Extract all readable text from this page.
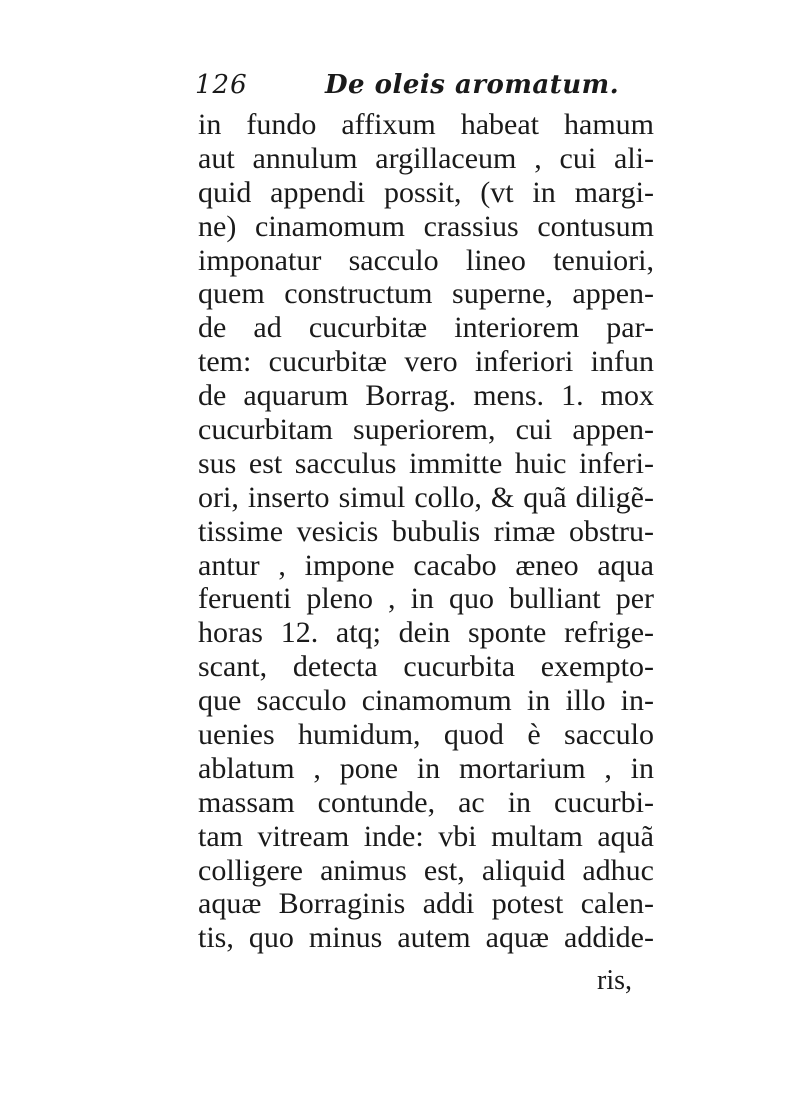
126	De oleis aromatum.
in fundo affixum habeat hamum
aut annulum argillaceum , cui ali-
quid appendi possit, (vt in margi-
ne) cinamomum crassius contusum
imponatur sacculo lineo tenuiori,
quem constructum superne, appen-
de ad cucurbitæ interiorem par-
tem: cucurbitæ vero inferiori infun
de aquarum Borrag. mens. 1. mox
cucurbitam superiorem, cui appen-
sus est sacculus immitte huic inferi-
ori, inserto simul collo, & quã diligẽ-
tissime vesicis bubulis rimæ obstru-
antur , impone cacabo æneo aqua
feruenti pleno , in quo bulliant per
horas 12. atq; dein sponte refrige-
scant, detecta cucurbita exempto-
que sacculo cinamomum in illo in-
uenies humidum, quod è sacculo
ablatum , pone in mortarium , in
massam contunde, ac in cucurbi-
tam vitream inde: vbi multam aquã
colligere animus est, aliquid adhuc
aquæ Borraginis addi potest calen-
tis, quo minus autem aquæ addide-
ris,
